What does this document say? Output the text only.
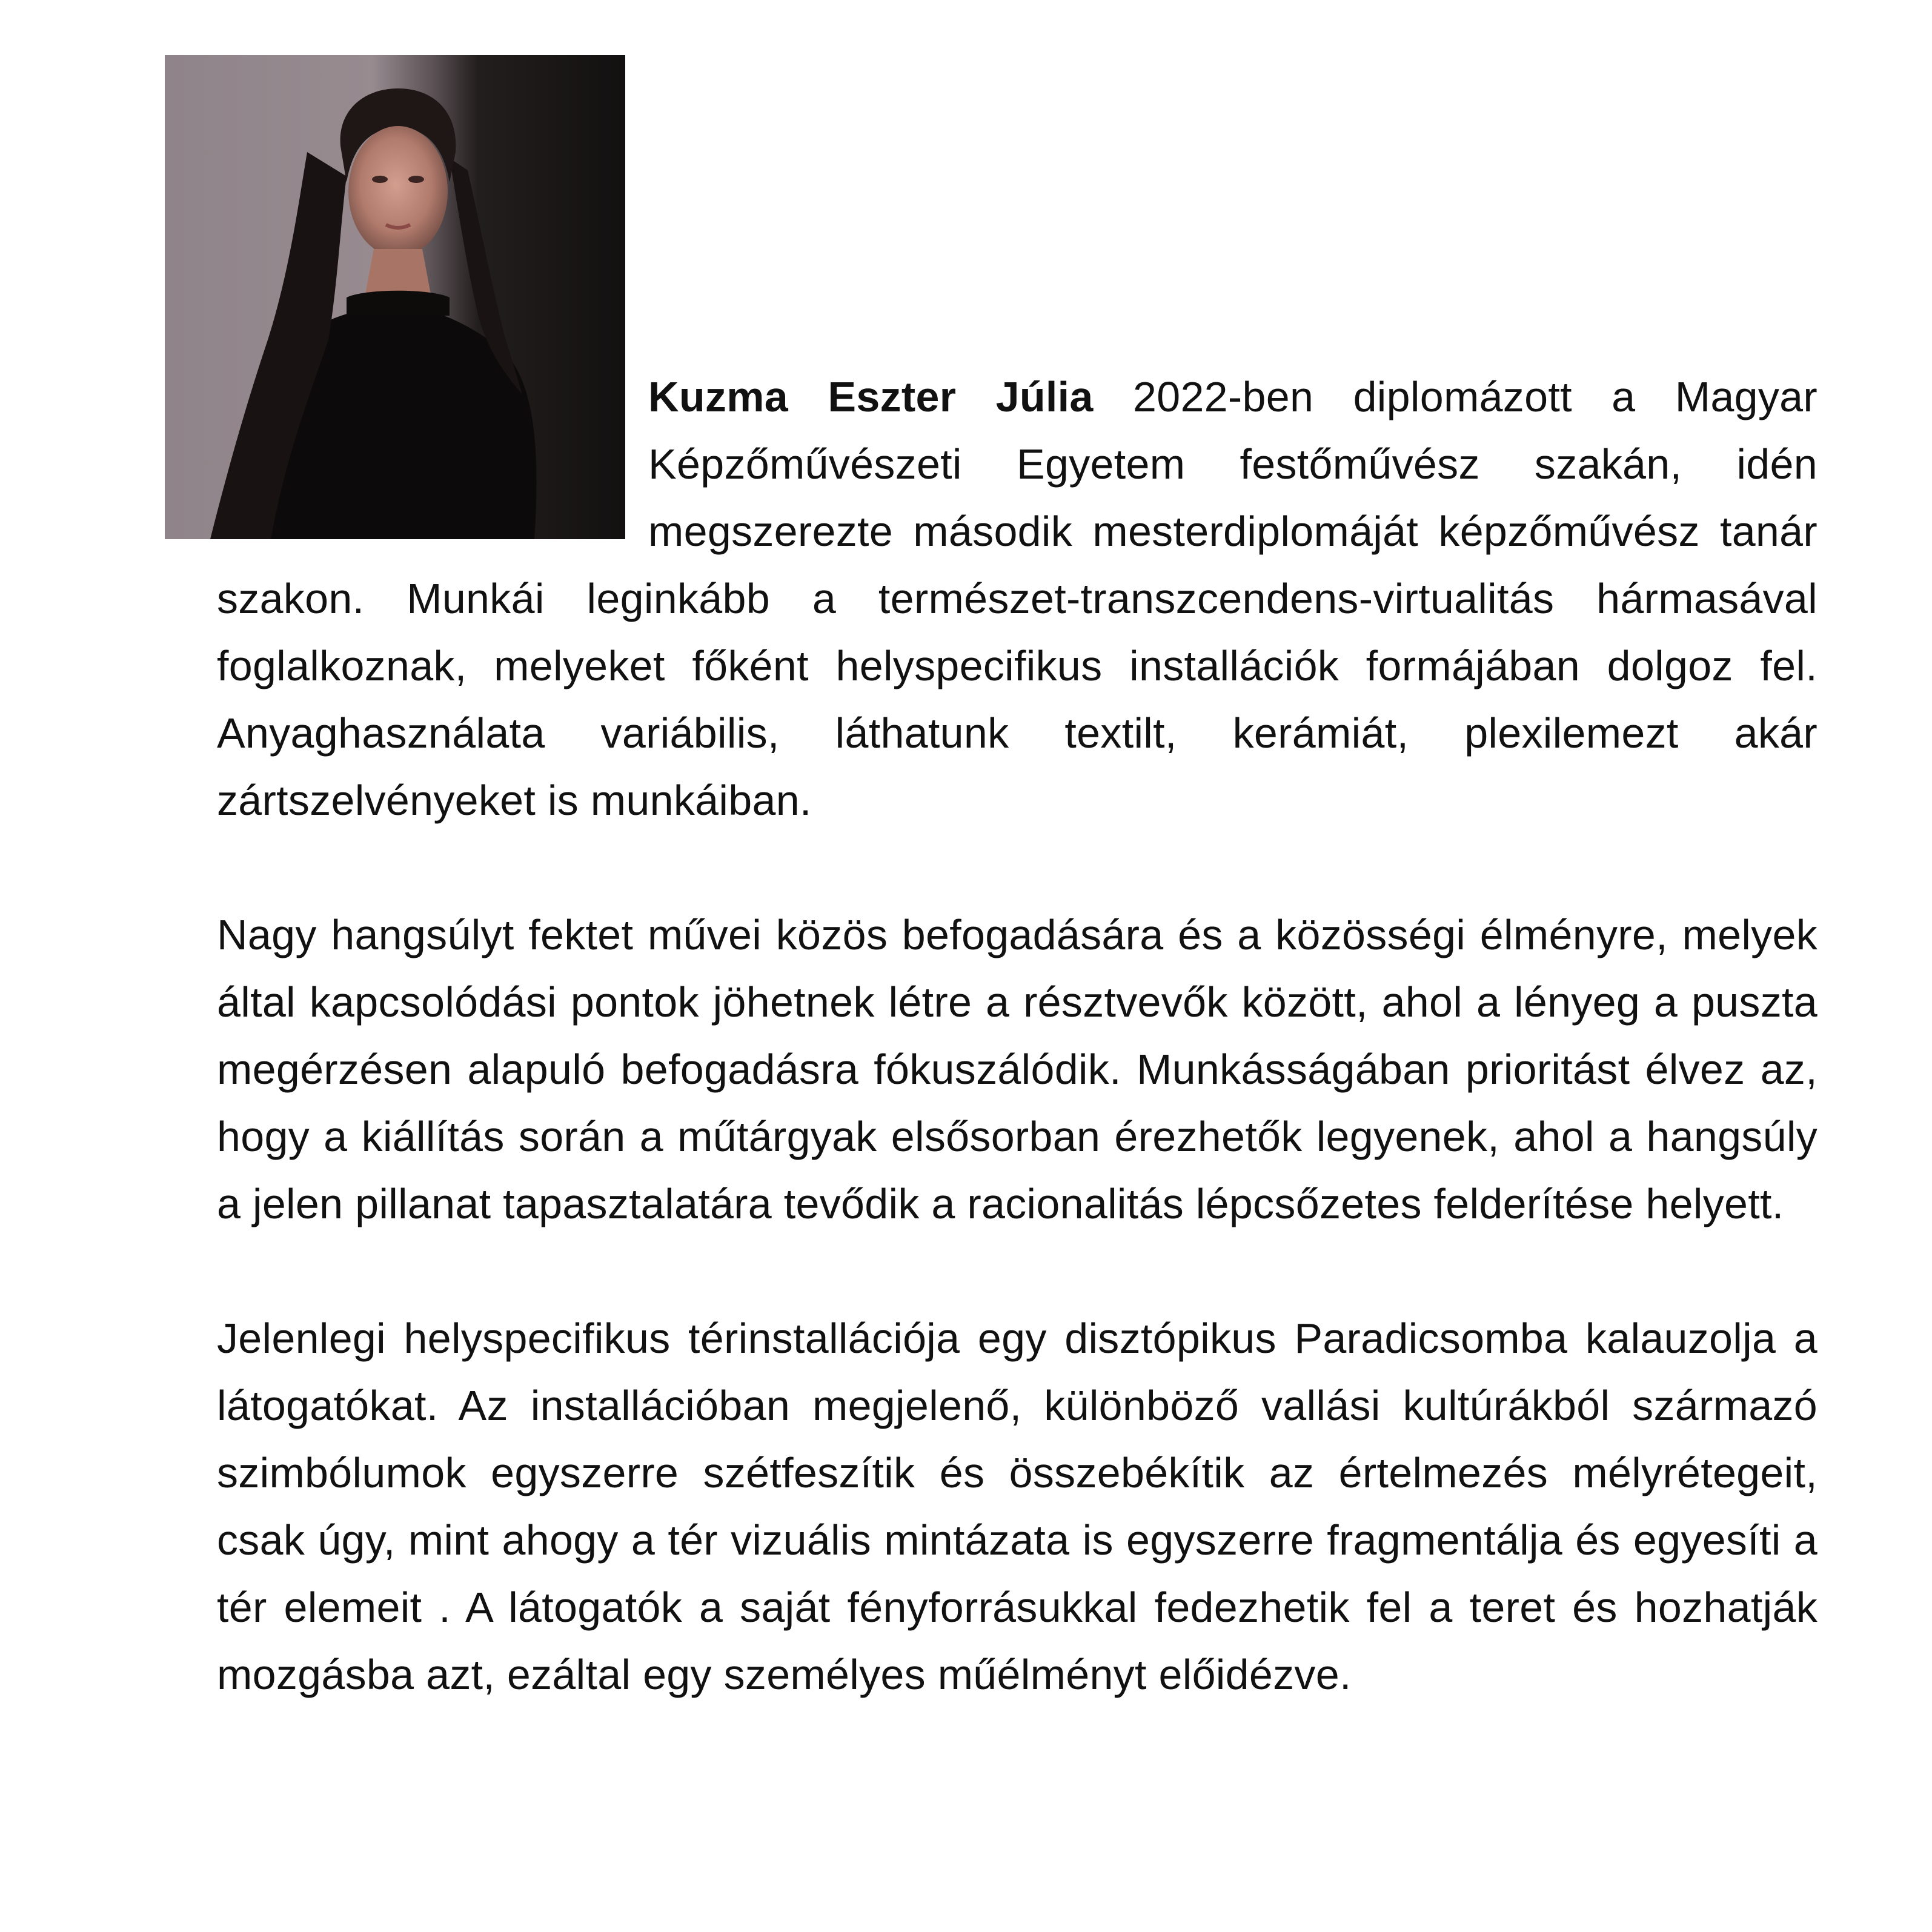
Kuzma Eszter Júlia 2022-ben diplomázott a Magyar Képzőművészeti Egyetem festőművész szakán, idén megszerezte második mesterdiplomáját képzőművész tanár szakon. Munkái leginkább a természet-transzcendens-virtualitás hármasával foglalkoznak, melyeket főként helyspecifikus installációk formájában dolgoz fel. Anyaghasználata variábilis, láthatunk textilt, kerámiát, plexilemezt akár zártszelvényeket is munkáiban.

Nagy hangsúlyt fektet művei közös befogadására és a közösségi élményre, melyek által kapcsolódási pontok jöhetnek létre a résztvevők között, ahol a lényeg a puszta megérzésen alapuló befogadásra fókuszálódik. Munkásságában prioritást élvez az, hogy a kiállítás során a műtárgyak elsősorban érezhetők legyenek, ahol a hangsúly a jelen pillanat tapasztalatára tevődik a racionalitás lépcsőzetes felderítése helyett.

Jelenlegi helyspecifikus térinstallációja egy disztópikus Paradicsomba kalauzolja a látogatókat. Az installációban megjelenő, különböző vallási kultúrákból származó szimbólumok egyszerre szétfeszítik és összebékítik az értelmezés mélyrétegeit, csak úgy, mint ahogy a tér vizuális mintázata is egyszerre fragmentálja és egyesíti a tér elemeit . A látogatók a saját fényforrásukkal fedezhetik fel a teret és hozhatják mozgásba azt, ezáltal egy személyes műélményt előidézve.
